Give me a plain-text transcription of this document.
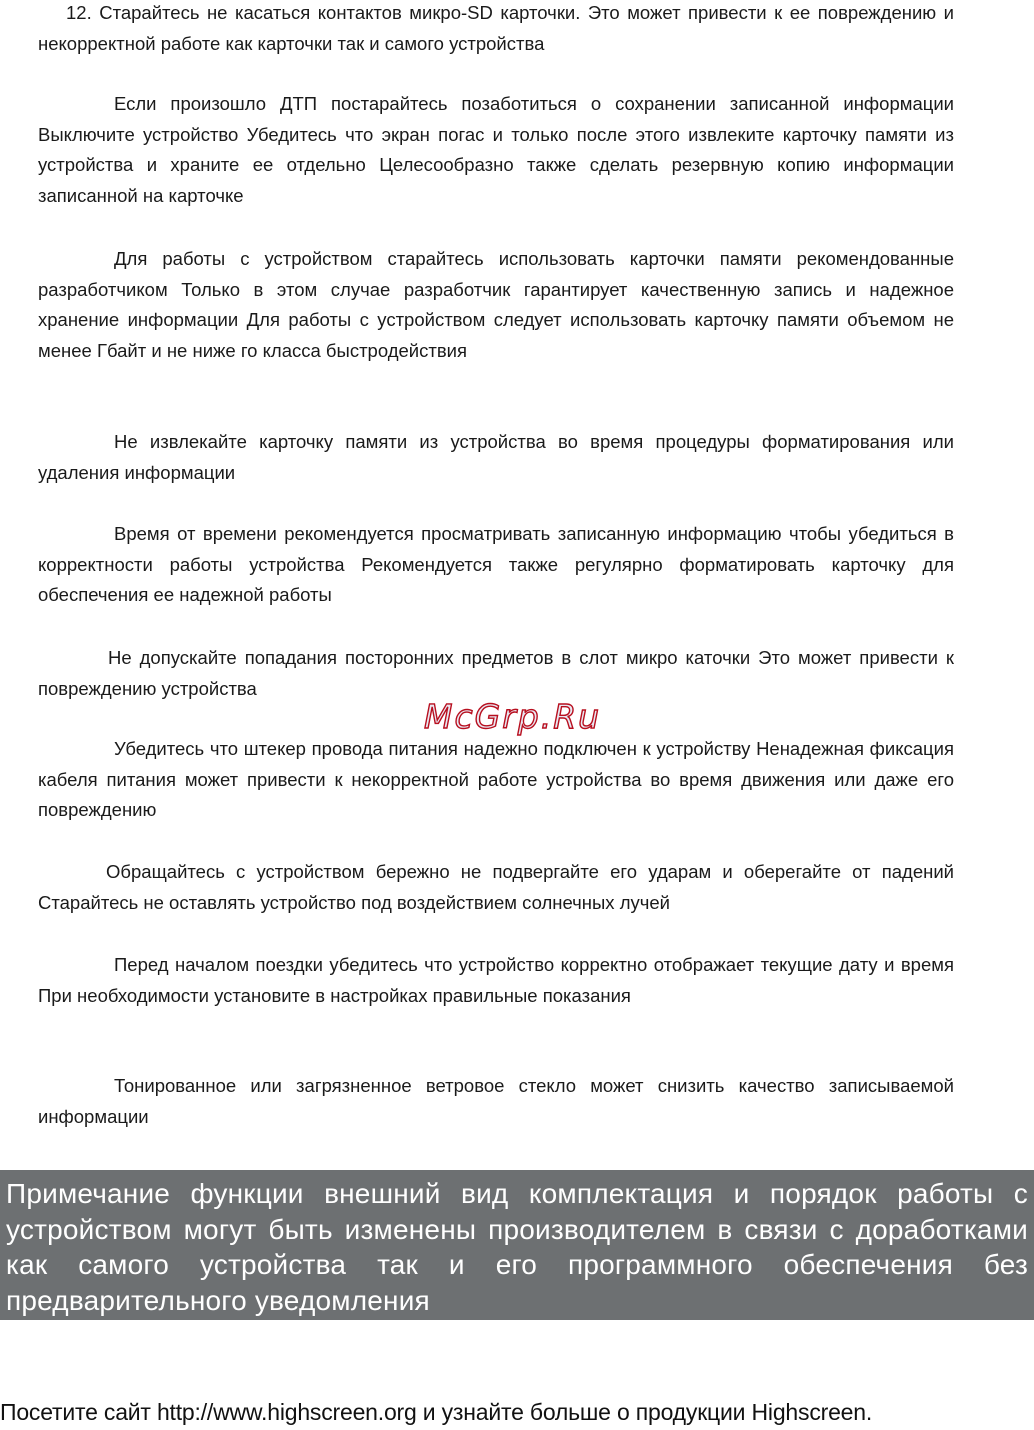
12. Старайтесь не касаться контактов микро-SD карточки. Это может привести к ее повреждению и некорректной работе как карточки так и самого устройства

Если произошло ДТП постарайтесь позаботиться о сохранении записанной информации Выключите устройство Убедитесь что экран погас и только после этого извлеките карточку памяти из устройства и храните ее отдельно Целесообразно также сделать резервную копию информации записанной на карточке

Для работы с устройством старайтесь использовать карточки памяти рекомендованные разработчиком Только в этом случае разработчик гарантирует качественную запись и надежное хранение информации Для работы с устройством следует использовать карточку памяти объемом не менее Гбайт и не ниже го класса быстродействия

Не извлекайте карточку памяти из устройства во время процедуры форматирования или удаления информации

Время от времени рекомендуется просматривать записанную информацию чтобы убедиться в корректности работы устройства Рекомендуется также регулярно форматировать карточку для обеспечения ее надежной работы

Не допускайте попадания посторонних предметов в слот микро каточки Это может привести к повреждению устройства

Убедитесь что штекер провода питания надежно подключен к устройству Ненадежная фиксация кабеля питания может привести к некорректной работе устройства во время движения или даже его повреждению

Обращайтесь с устройством бережно не подвергайте его ударам и оберегайте от падений Старайтесь не оставлять устройство под воздействием солнечных лучей

Перед началом поездки убедитесь что устройство корректно отображает текущие дату и время При необходимости установите в настройках правильные показания

Тонированное или загрязненное ветровое стекло может снизить качество записываемой информации

McGrp.Ru

Примечание функции внешний вид комплектация и порядок работы с устройством могут быть изменены производителем в связи с доработками как самого устройства так и его программного обеспечения без предварительного уведомления

Посетите сайт http://www.highscreen.org и узнайте больше о продукции Highscreen.
